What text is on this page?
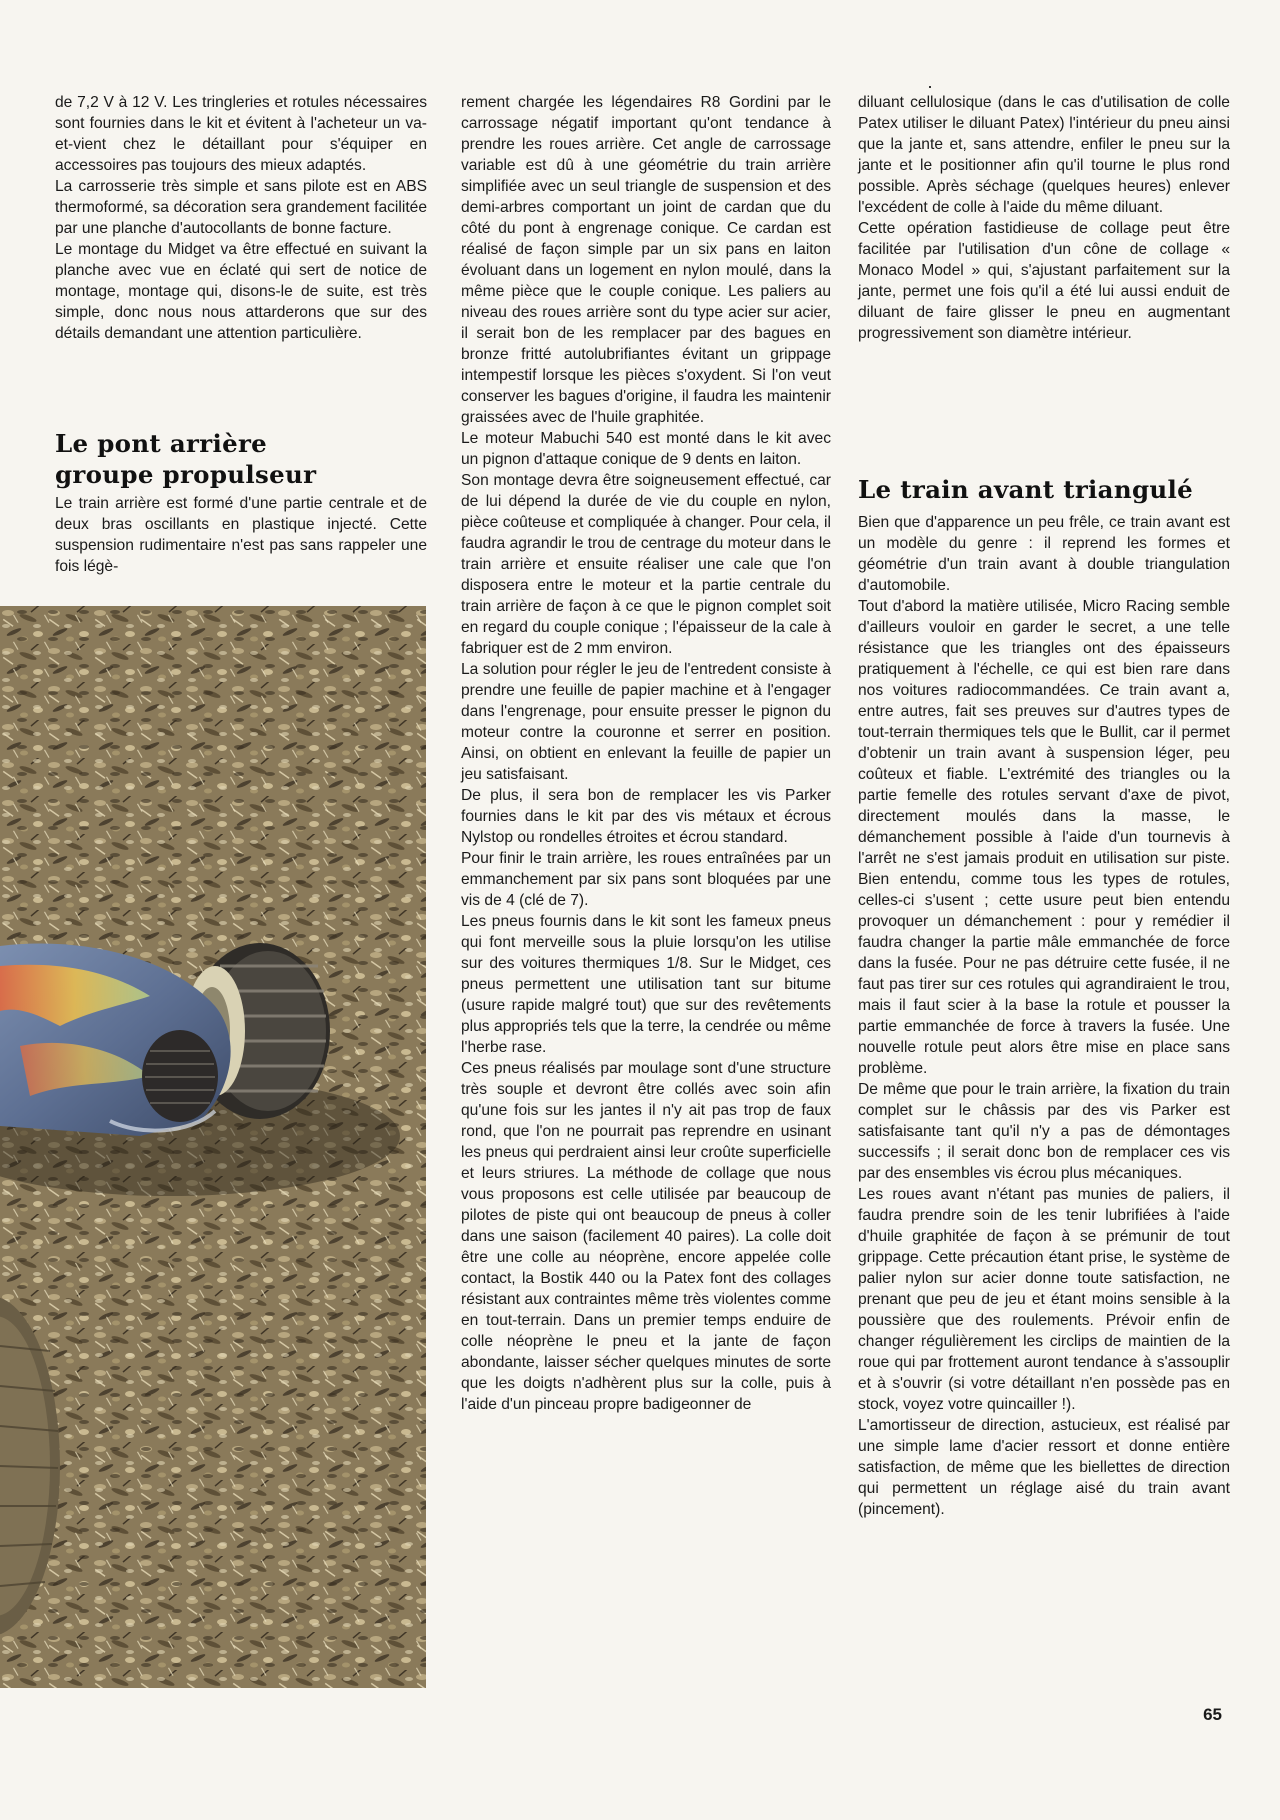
de 7,2 V à 12 V. Les tringleries et rotules nécessaires sont fournies dans le kit et évitent à l'acheteur un va-et-vient chez le détaillant pour s'équiper en accessoires pas toujours des mieux adaptés.

La carrosserie très simple et sans pilote est en ABS thermoformé, sa décoration sera grandement facilitée par une planche d'autocollants de bonne facture.

Le montage du Midget va être effectué en suivant la planche avec vue en éclaté qui sert de notice de montage, montage qui, disons-le de suite, est très simple, donc nous nous attarderons que sur des détails demandant une attention particulière.

Le pont arrière
groupe propulseur

Le train arrière est formé d'une partie centrale et de deux bras oscillants en plastique injecté. Cette suspension rudimentaire n'est pas sans rappeler une fois légè-

rement chargée les légendaires R8 Gordini par le carrossage négatif important qu'ont tendance à prendre les roues arrière. Cet angle de carrossage variable est dû à une géométrie du train arrière simplifiée avec un seul triangle de suspension et des demi-arbres comportant un joint de cardan que du côté du pont à engrenage conique. Ce cardan est réalisé de façon simple par un six pans en laiton évoluant dans un logement en nylon moulé, dans la même pièce que le couple conique. Les paliers au niveau des roues arrière sont du type acier sur acier, il serait bon de les remplacer par des bagues en bronze fritté autolubrifiantes évitant un grippage intempestif lorsque les pièces s'oxydent. Si l'on veut conserver les bagues d'origine, il faudra les maintenir graissées avec de l'huile graphitée.

Le moteur Mabuchi 540 est monté dans le kit avec un pignon d'attaque conique de 9 dents en laiton.

Son montage devra être soigneusement effectué, car de lui dépend la durée de vie du couple en nylon, pièce coûteuse et compliquée à changer. Pour cela, il faudra agrandir le trou de centrage du moteur dans le train arrière et ensuite réaliser une cale que l'on disposera entre le moteur et la partie centrale du train arrière de façon à ce que le pignon complet soit en regard du couple conique ; l'épaisseur de la cale à fabriquer est de 2 mm environ.

La solution pour régler le jeu de l'entredent consiste à prendre une feuille de papier machine et à l'engager dans l'engrenage, pour ensuite presser le pignon du moteur contre la couronne et serrer en position. Ainsi, on obtient en enlevant la feuille de papier un jeu satisfaisant.

De plus, il sera bon de remplacer les vis Parker fournies dans le kit par des vis métaux et écrous Nylstop ou rondelles étroites et écrou standard.

Pour finir le train arrière, les roues entraînées par un emmanchement par six pans sont bloquées par une vis de 4 (clé de 7).

Les pneus fournis dans le kit sont les fameux pneus qui font merveille sous la pluie lorsqu'on les utilise sur des voitures thermiques 1/8. Sur le Midget, ces pneus permettent une utilisation tant sur bitume (usure rapide malgré tout) que sur des revêtements plus appropriés tels que la terre, la cendrée ou même l'herbe rase.

Ces pneus réalisés par moulage sont d'une structure très souple et devront être collés avec soin afin qu'une fois sur les jantes il n'y ait pas trop de faux rond, que l'on ne pourrait pas reprendre en usinant les pneus qui perdraient ainsi leur croûte superficielle et leurs striures. La méthode de collage que nous vous proposons est celle utilisée par beaucoup de pilotes de piste qui ont beaucoup de pneus à coller dans une saison (facilement 40 paires). La colle doit être une colle au néoprène, encore appelée colle contact, la Bostik 440 ou la Patex font des collages résistant aux contraintes même très violentes comme en tout-terrain. Dans un premier temps enduire de colle néoprène le pneu et la jante de façon abondante, laisser sécher quelques minutes de sorte que les doigts n'adhèrent plus sur la colle, puis à l'aide d'un pinceau propre badigeonner de

diluant cellulosique (dans le cas d'utilisation de colle Patex utiliser le diluant Patex) l'intérieur du pneu ainsi que la jante et, sans attendre, enfiler le pneu sur la jante et le positionner afin qu'il tourne le plus rond possible. Après séchage (quelques heures) enlever l'excédent de colle à l'aide du même diluant.

Cette opération fastidieuse de collage peut être facilitée par l'utilisation d'un cône de collage « Monaco Model » qui, s'ajustant parfaitement sur la jante, permet une fois qu'il a été lui aussi enduit de diluant de faire glisser le pneu en augmentant progressivement son diamètre intérieur.

Le train avant triangulé

Bien que d'apparence un peu frêle, ce train avant est un modèle du genre : il reprend les formes et géométrie d'un train avant à double triangulation d'automobile.

Tout d'abord la matière utilisée, Micro Racing semble d'ailleurs vouloir en garder le secret, a une telle résistance que les triangles ont des épaisseurs pratiquement à l'échelle, ce qui est bien rare dans nos voitures radiocommandées. Ce train avant a, entre autres, fait ses preuves sur d'autres types de tout-terrain thermiques tels que le Bullit, car il permet d'obtenir un train avant à suspension léger, peu coûteux et fiable. L'extrémité des triangles ou la partie femelle des rotules servant d'axe de pivot, directement moulés dans la masse, le démanchement possible à l'aide d'un tournevis à l'arrêt ne s'est jamais produit en utilisation sur piste. Bien entendu, comme tous les types de rotules, celles-ci s'usent ; cette usure peut bien entendu provoquer un démanchement : pour y remédier il faudra changer la partie mâle emmanchée de force dans la fusée. Pour ne pas détruire cette fusée, il ne faut pas tirer sur ces rotules qui agrandiraient le trou, mais il faut scier à la base la rotule et pousser la partie emmanchée de force à travers la fusée. Une nouvelle rotule peut alors être mise en place sans problème.

De même que pour le train arrière, la fixation du train complet sur le châssis par des vis Parker est satisfaisante tant qu'il n'y a pas de démontages successifs ; il serait donc bon de remplacer ces vis par des ensembles vis écrou plus mécaniques.

Les roues avant n'étant pas munies de paliers, il faudra prendre soin de les tenir lubrifiées à l'aide d'huile graphitée de façon à se prémunir de tout grippage. Cette précaution étant prise, le système de palier nylon sur acier donne toute satisfaction, ne prenant que peu de jeu et étant moins sensible à la poussière que des roulements. Prévoir enfin de changer régulièrement les circlips de maintien de la roue qui par frottement auront tendance à s'assouplir et à s'ouvrir (si votre détaillant n'en possède pas en stock, voyez votre quincailler !).

L'amortisseur de direction, astucieux, est réalisé par une simple lame d'acier ressort et donne entière satisfaction, de même que les biellettes de direction qui permettent un réglage aisé du train avant (pincement).

65
